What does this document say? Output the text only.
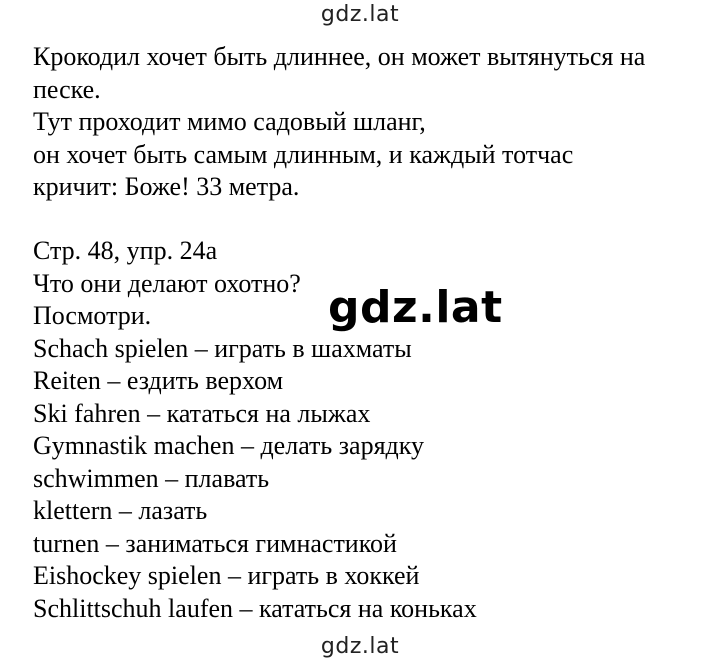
gdz.lat
Крокодил хочет быть длиннее, он может вытянуться на
песке.
Тут проходит мимо садовый шланг,
он хочет быть самым длинным, и каждый тотчас
кричит: Боже! 33 метра.
Стр. 48, упр. 24а
Что они делают охотно?
Посмотри.
Schach spielen – играть в шахматы
Reiten – ездить верхом
Ski fahren – кататься на лыжах
Gymnastik machen – делать зарядку
schwimmen – плавать
klettern – лазать
turnen – заниматься гимнастикой
Eishockey spielen – играть в хоккей
Schlittschuh laufen – кататься на коньках
gdz.lat
gdz.lat
